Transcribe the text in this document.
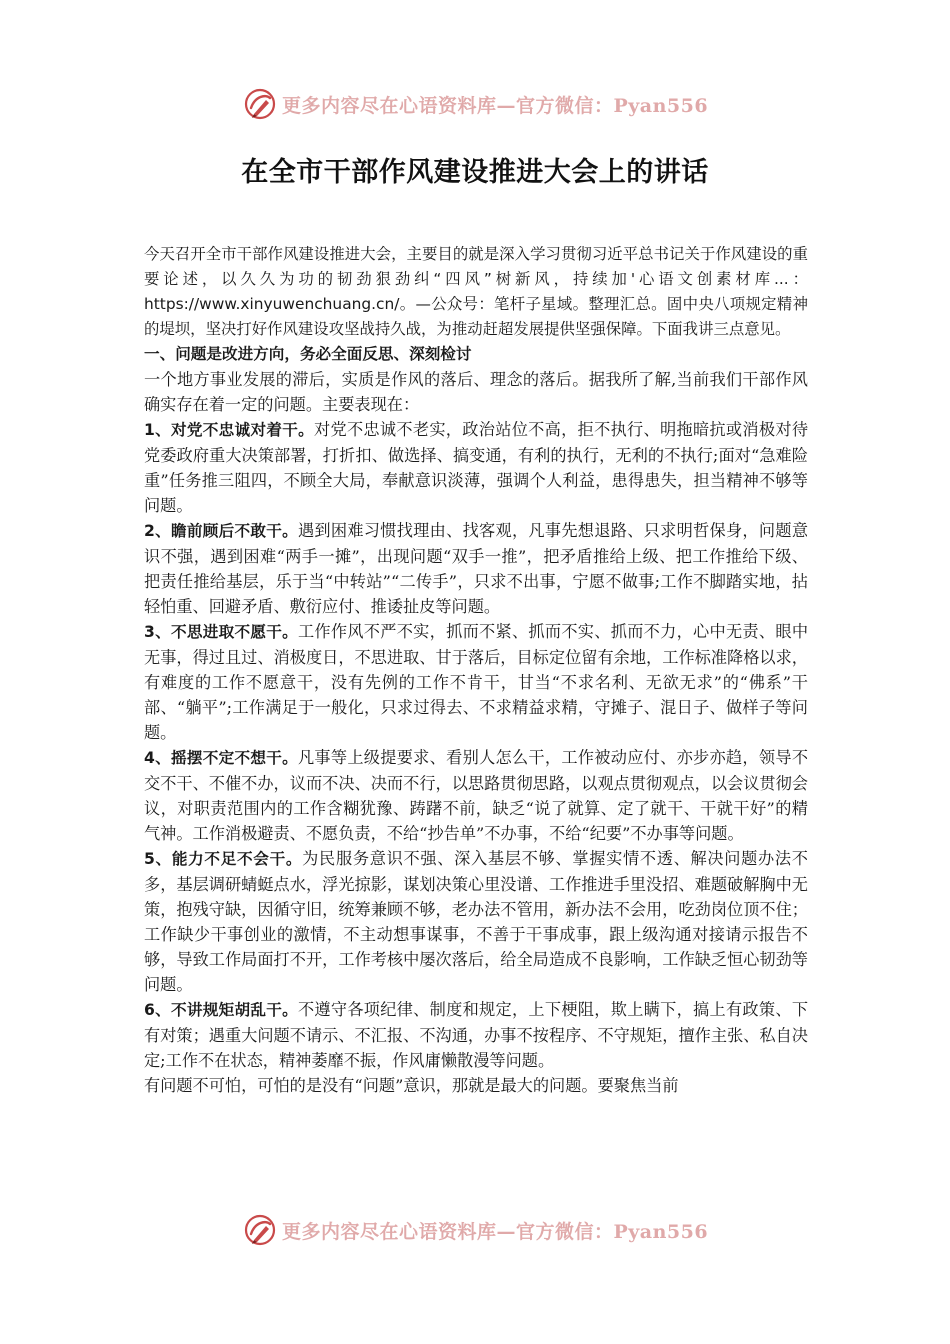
更多内容尽在心语资料库—官方微信：Pyan556
在全市干部作风建设推进大会上的讲话

今天召开全市干部作风建设推进大会，主要目的就是深入学习贯彻习近平总书记关于作风建设的重要论述，以久久为功的韧劲狠劲纠“四风”树新风，持续加'心语文创素材库...：https://www.xinyuwenchuang.cn/。—公众号：笔杆子星域。整理汇总。固中央八项规定精神的堤坝，坚决打好作风建设攻坚战持久战，为推动赶超发展提供坚强保障。下面我讲三点意见。

一、问题是改进方向，务必全面反思、深刻检讨

一个地方事业发展的滞后，实质是作风的落后、理念的落后。据我所了解,当前我们干部作风确实存在着一定的问题。主要表现在：

1、对党不忠诚对着干。对党不忠诚不老实，政治站位不高，拒不执行、明拖暗抗或消极对待党委政府重大决策部署，打折扣、做选择、搞变通，有利的执行，无利的不执行;面对“急难险重”任务推三阻四，不顾全大局，奉献意识淡薄，强调个人利益，患得患失，担当精神不够等问题。

2、瞻前顾后不敢干。遇到困难习惯找理由、找客观，凡事先想退路、只求明哲保身，问题意识不强，遇到困难“两手一摊”，出现问题“双手一推”，把矛盾推给上级、把工作推给下级、把责任推给基层，乐于当“中转站”“二传手”，只求不出事，宁愿不做事;工作不脚踏实地，拈轻怕重、回避矛盾、敷衍应付、推诿扯皮等问题。

3、不思进取不愿干。工作作风不严不实，抓而不紧、抓而不实、抓而不力，心中无责、眼中无事，得过且过、消极度日，不思进取、甘于落后，目标定位留有余地，工作标准降格以求，有难度的工作不愿意干，没有先例的工作不肯干，甘当“不求名利、无欲无求”的“佛系”干部、“躺平”;工作满足于一般化，只求过得去、不求精益求精，守摊子、混日子、做样子等问题。

4、摇摆不定不想干。凡事等上级提要求、看别人怎么干，工作被动应付、亦步亦趋，领导不交不干、不催不办，议而不决、决而不行，以思路贯彻思路，以观点贯彻观点，以会议贯彻会议，对职责范围内的工作含糊犹豫、踌躇不前，缺乏“说了就算、定了就干、干就干好”的精气神。工作消极避责、不愿负责，不给“抄告单”不办事，不给“纪要”不办事等问题。

5、能力不足不会干。为民服务意识不强、深入基层不够、掌握实情不透、解决问题办法不多，基层调研蜻蜓点水，浮光掠影，谋划决策心里没谱、工作推进手里没招、难题破解胸中无策，抱残守缺，因循守旧，统筹兼顾不够，老办法不管用，新办法不会用，吃劲岗位顶不住；工作缺少干事创业的激情，不主动想事谋事，不善于干事成事，跟上级沟通对接请示报告不够，导致工作局面打不开，工作考核中屡次落后，给全局造成不良影响，工作缺乏恒心韧劲等问题。

6、不讲规矩胡乱干。不遵守各项纪律、制度和规定，上下梗阻，欺上瞒下，搞上有政策、下有对策；遇重大问题不请示、不汇报、不沟通，办事不按程序、不守规矩，擅作主张、私自决定;工作不在状态，精神萎靡不振，作风庸懒散漫等问题。

有问题不可怕，可怕的是没有“问题”意识，那就是最大的问题。要聚焦当前

更多内容尽在心语资料库—官方微信：Pyan556
